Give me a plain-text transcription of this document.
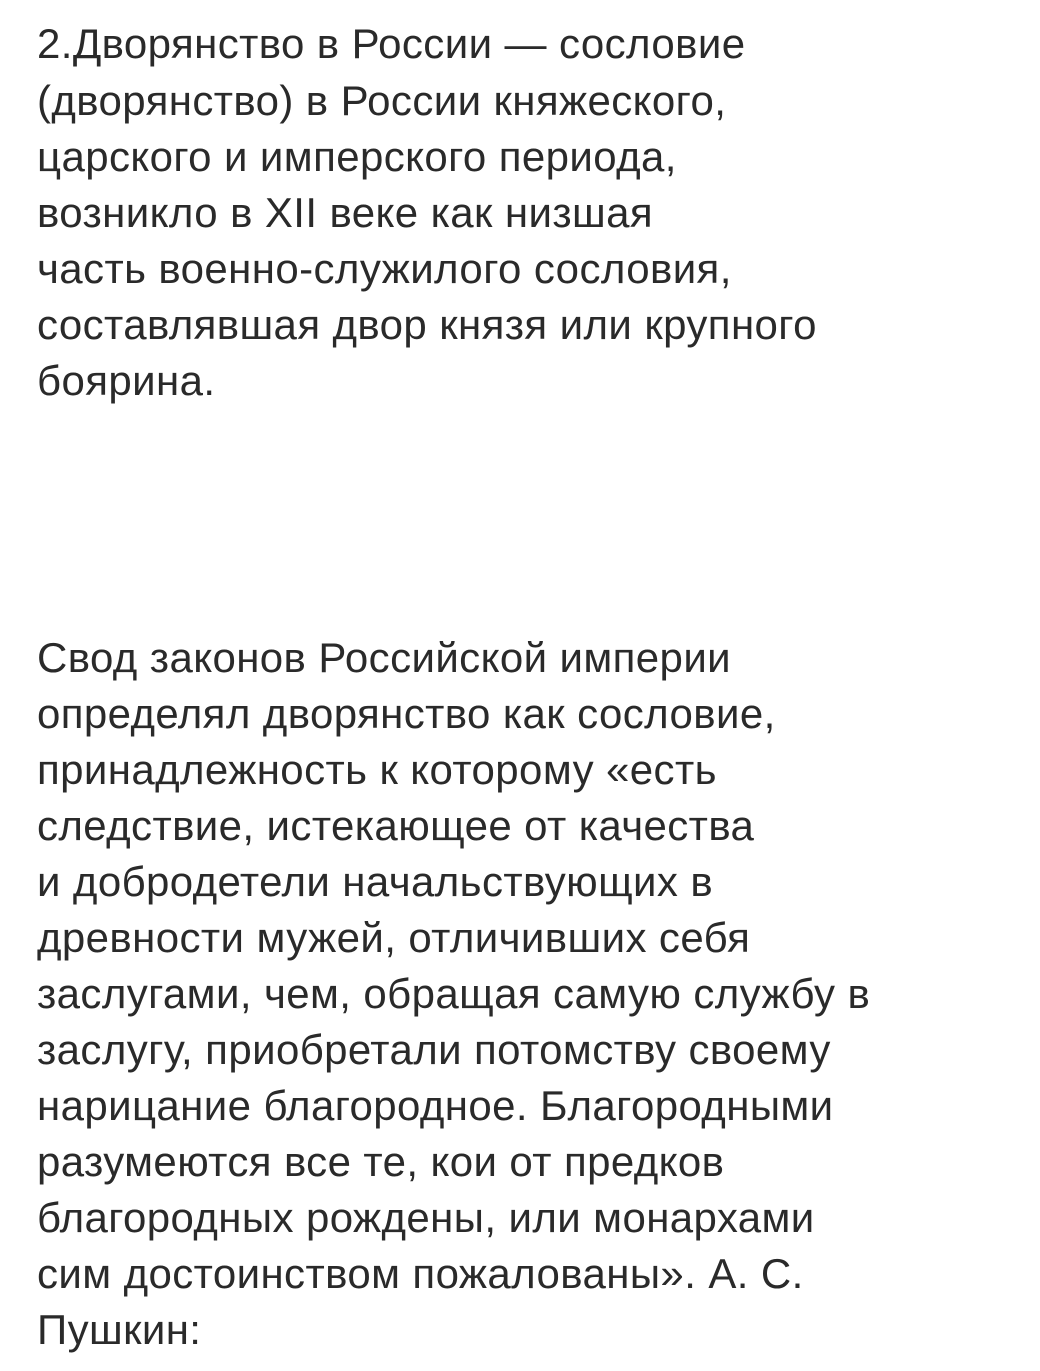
2.Дворянство в России — сословие
(дворянство) в России княжеского,
царского и имперского периода,
возникло в XII веке как низшая
часть военно-служилого сословия,
составлявшая двор князя или крупного
боярина.
Свод законов Российской империи
определял дворянство как сословие,
принадлежность к которому «есть
следствие, истекающее от качества
и добродетели начальствующих в
древности мужей, отличивших себя
заслугами, чем, обращая самую службу в
заслугу, приобретали потомству своему
нарицание благородное. Благородными
разумеются все те, кои от предков
благородных рождены, или монархами
сим достоинством пожалованы». А. С.
Пушкин:
